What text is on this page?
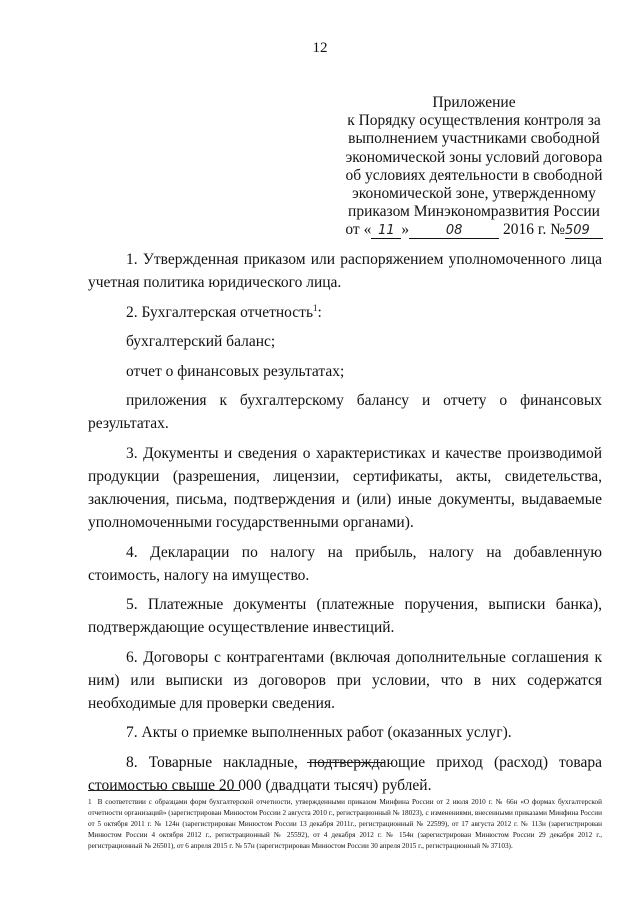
12
Приложение
к Порядку осуществления контроля за
выполнением участниками свободной
экономической зоны условий договора
об условиях деятельности в свободной
экономической зоне, утвержденному
приказом Минэкономразвития России
от « 11 »	08	2016 г. №509

1. Утвержденная приказом или распоряжением уполномоченного лица учетная политика юридического лица.

2. Бухгалтерская отчетность$^1$:

бухгалтерский баланс;

отчет о финансовых результатах;

приложения к бухгалтерскому балансу и отчету о финансовых результатах.

3. Документы и сведения о характеристиках и качестве производимой продукции (разрешения, лицензии, сертификаты, акты, свидетельства, заключения, письма, подтверждения и (или) иные документы, выдаваемые уполномоченными государственными органами).

4. Декларации по налогу на прибыль, налогу на добавленную стоимость, налогу на имущество.

5. Платежные документы (платежные поручения, выписки банка), подтверждающие осуществление инвестиций.

6. Договоры с контрагентами (включая дополнительные соглашения к ним) или выписки из договоров при условии, что в них содержатся необходимые для проверки сведения.

7. Акты о приемке выполненных работ (оказанных услуг).

8. Товарные накладные, подтверждающие приход (расход) товара стоимостью свыше 20 000 (двадцати тысяч) рублей.

1 В соответствии с образцами форм бухгалтерской отчетности, утвержденными приказом Минфина России от 2 июля 2010 г. № 66н «О формах бухгалтерской отчетности организаций» (зарегистрирован Минюстом России 2 августа 2010 г., регистрационный № 18023), с изменениями, внесенными приказами Минфина России от 5 октября 2011 г. № 124н (зарегистрирован Минюстом России 13 декабря 2011г., регистрационный № 22599), от 17 августа 2012 г. № 113н (зарегистрирован Минюстом России 4 октября 2012 г., регистрационный № 25592), от 4 декабря 2012 г. № 154н (зарегистрирован Минюстом России 29 декабря 2012 г., регистрационный № 26501), от 6 апреля 2015 г. № 57н (зарегистрирован Минюстом России 30 апреля 2015 г., регистрационный № 37103).
